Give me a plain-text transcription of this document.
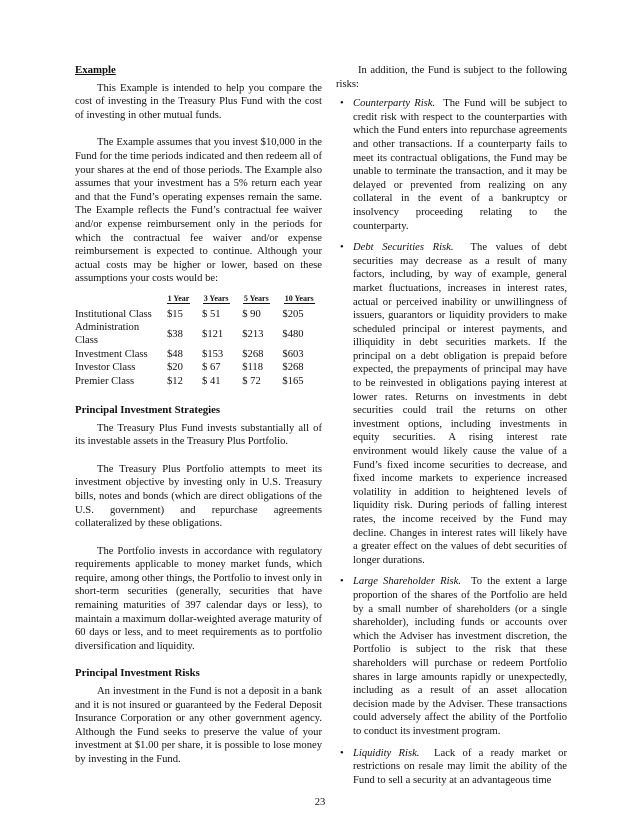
Example

This Example is intended to help you compare the cost of investing in the Treasury Plus Fund with the cost of investing in other mutual funds.

The Example assumes that you invest $10,000 in the Fund for the time periods indicated and then redeem all of your shares at the end of those periods. The Example also assumes that your investment has a 5% return each year and that the Fund’s operating expenses remain the same. The Example reflects the Fund’s contractual fee waiver and/or expense reimbursement only in the periods for which the contractual fee waiver and/or expense reimbursement is expected to continue. Although your actual costs may be higher or lower, based on these assumptions your costs would be:

	1 Year	3 Years	5 Years	10 Years
Institutional Class	$15	$ 51	$ 90	$205
Administration Class	$38	$121	$213	$480
Investment Class	$48	$153	$268	$603
Investor Class	$20	$ 67	$118	$268
Premier Class	$12	$ 41	$ 72	$165
Principal Investment Strategies

The Treasury Plus Fund invests substantially all of its investable assets in the Treasury Plus Portfolio.

The Treasury Plus Portfolio attempts to meet its investment objective by investing only in U.S. Treasury bills, notes and bonds (which are direct obligations of the U.S. government) and repurchase agreements collateralized by these obligations.

The Portfolio invests in accordance with regulatory requirements applicable to money market funds, which require, among other things, the Portfolio to invest only in short-term securities (generally, securities that have remaining maturities of 397 calendar days or less), to maintain a maximum dollar-weighted average maturity of 60 days or less, and to meet requirements as to portfolio diversification and liquidity.

Principal Investment Risks

An investment in the Fund is not a deposit in a bank and it is not insured or guaranteed by the Federal Deposit Insurance Corporation or any other government agency. Although the Fund seeks to preserve the value of your investment at $1.00 per share, it is possible to lose money by investing in the Fund.

In addition, the Fund is subject to the following risks:

• Counterparty Risk. The Fund will be subject to credit risk with respect to the counterparties with which the Fund enters into repurchase agreements and other transactions. If a counterparty fails to meet its contractual obligations, the Fund may be unable to terminate the transaction, and it may be delayed or prevented from realizing on any collateral in the event of a bankruptcy or insolvency proceeding relating to the counterparty.
• Debt Securities Risk. The values of debt securities may decrease as a result of many factors, including, by way of example, general market fluctuations, increases in interest rates, actual or perceived inability or unwillingness of issuers, guarantors or liquidity providers to make scheduled principal or interest payments, and illiquidity in debt securities markets. If the principal on a debt obligation is prepaid before expected, the prepayments of principal may have to be reinvested in obligations paying interest at lower rates. Returns on investments in debt securities could trail the returns on other investment options, including investments in equity securities. A rising interest rate environment would likely cause the value of a Fund’s fixed income securities to decrease, and fixed income markets to experience increased volatility in addition to heightened levels of liquidity risk. During periods of falling interest rates, the income received by the Fund may decline. Changes in interest rates will likely have a greater effect on the values of debt securities of longer durations.
• Large Shareholder Risk. To the extent a large proportion of the shares of the Portfolio are held by a small number of shareholders (or a single shareholder), including funds or accounts over which the Adviser has investment discretion, the Portfolio is subject to the risk that these shareholders will purchase or redeem Portfolio shares in large amounts rapidly or unexpectedly, including as a result of an asset allocation decision made by the Adviser. These transactions could adversely affect the ability of the Portfolio to conduct its investment program.
• Liquidity Risk. Lack of a ready market or restrictions on resale may limit the ability of the Fund to sell a security at an advantageous time
23
